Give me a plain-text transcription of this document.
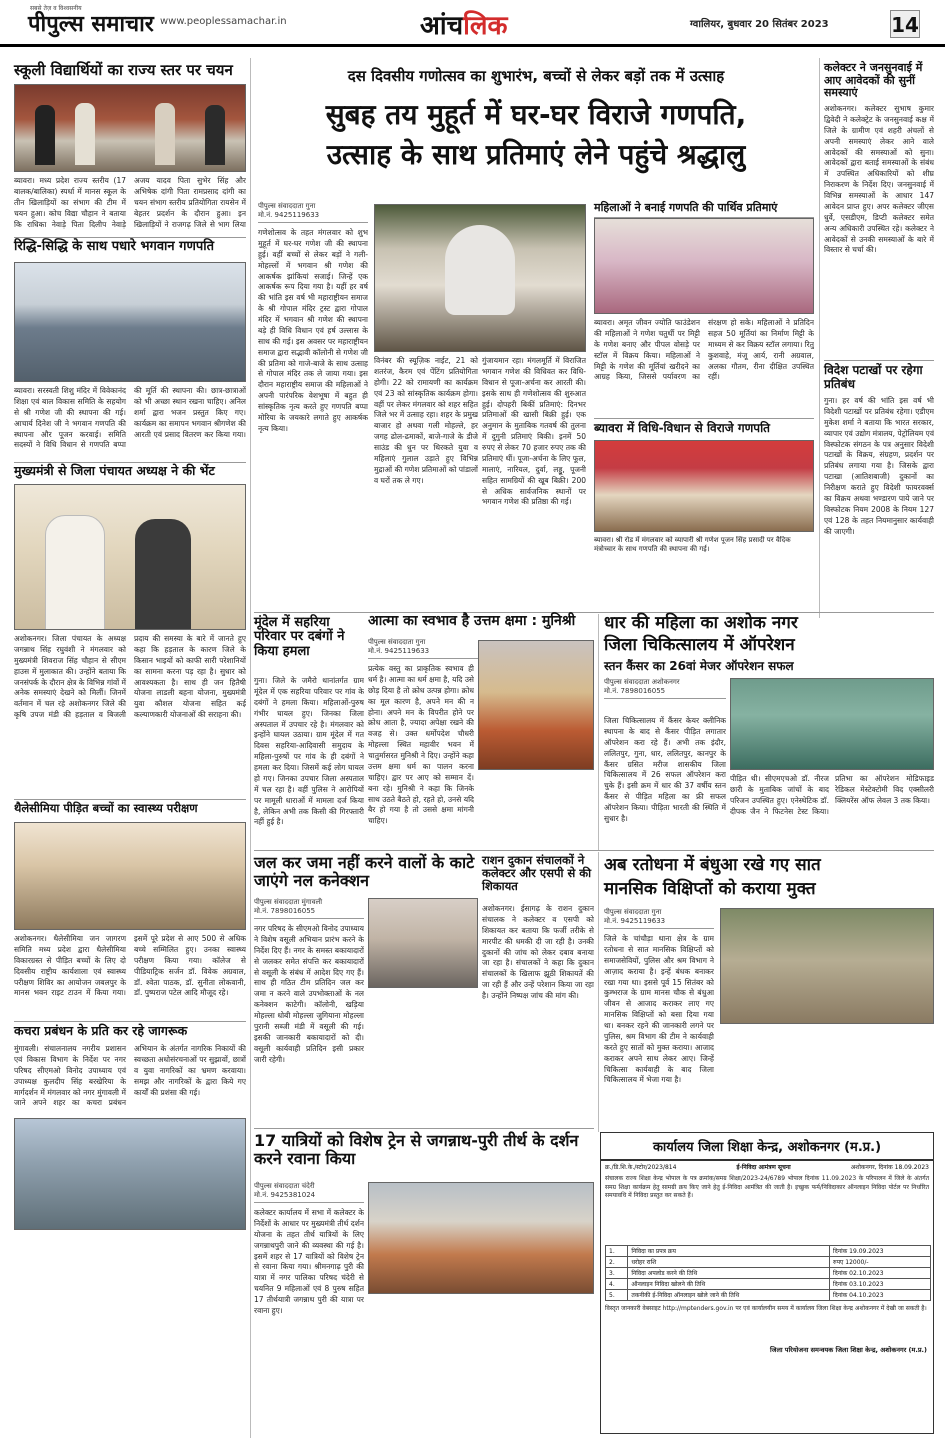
सबसे तेज़ व विश्वसनीय
पीपुल्स समाचार www.peoplessamachar.in	आंचलिक	ग्वालियर, बुधवार 20 सितंबर 2023	14
स्कूली विद्यार्थियों का राज्य स्तर पर चयन
ब्यावरा। मध्य प्रदेश राज्य स्तरीय (17 बालक/बालिका) स्पर्धा में मानस स्कूल के तीन खिलाड़ियों का संभाग की टीम में चयन हुआ। कोच विद्या चौहान ने बताया कि राधिका नेवाड़े पिता दिलीप नेवाड़े अजय यादव पिता सुभेर सिंह और अभिषेक दांगी पिता रामप्रसाद दांगी का चयन संभाग स्तरीय प्रतियोगिता रायसेन में बेहतर प्रदर्शन के दौरान हुआ। इन खिलाड़ियों ने राजगढ़ जिले से भाग लिया
रिद्धि-सिद्धि के साथ पधारे भगवान गणपति
ब्यावरा। सरस्वती शिशु मंदिर में विवेकानंद शिक्षा एवं बाल विकास समिति के सहयोग से श्री गणेश जी की स्थापना की गई। आचार्य दिनेश जी ने भगवान गणपति की स्थापना और पूजन करवाई। समिति सदस्यों ने विधि विधान से गणपति बप्पा की मूर्ति की स्थापना की। छात्र-छात्राओं को भी अच्छा स्थान रखना चाहिए। अनिल शर्मा द्वारा भजन प्रस्तुत किए गए। कार्यक्रम का समापन भगवान श्रीगणेश की आरती एवं प्रसाद वितरण कर किया गया।
मुख्यमंत्री से जिला पंचायत अध्यक्ष ने की भेंट
अशोकनगर। जिला पंचायत के अध्यक्ष जगन्नाथ सिंह रघुवंशी ने मंगलवार को मुख्यमंत्री शिवराज सिंह चौहान से सीएम हाउस में मुलाकात की। उन्होंने बताया कि जनसंपर्क के दौरान क्षेत्र के विभिन्न गांवों में अनेक समस्याएं देखने को मिलीं। जिनमें वर्तमान में चल रहे अशोकनगर जिले की कृषि उपज मंडी की हड़ताल व बिजली प्रदाय की समस्या के बारे में जानते हुए कहा कि हड़ताल के कारण जिले के किसान भाइयों को काफी सारी परेशानियों का सामना करना पड़ रहा है। सुधार को आवश्यकता है। साथ ही जन हितैषी योजना लाडली बहना योजना, मुख्यमंत्री युवा कौशल योजना सहित कई कल्याणकारी योजनाओं की सराहना की।
थैलेसीमिया पीड़ित बच्चों का स्वास्थ्य परीक्षण
अशोकनगर। थैलेसीमिया जन जागरण समिति मध्य प्रदेश द्वारा थैलेसीमिया विकारग्रस्त से पीड़ित बच्चों के लिए दो दिवसीय राष्ट्रीय कार्यशाला एवं स्वास्थ्य परीक्षण शिविर का आयोजन जबलपुर के मानस भवन राइट टाउन में किया गया। इसमें पूरे प्रदेश से आए 500 से अधिक बच्चे सम्मिलित हुए। उनका स्वास्थ्य परीक्षण किया गया। कॉलेज से पीडियाट्रिक सर्जन डॉ. विवेक अग्रवाल, डॉ. श्वेता पाठक, डॉ. सुनीता लोकवानी, डॉ. पुष्पराज पटेल आदि मौजूद रहे।
कचरा प्रबंधन के प्रति कर रहे जागरूक
मुंगावली। संचालनालय नगरीय प्रशासन एवं विकास विभाग के निर्देश पर नगर परिषद सीएमओ विनोद उपाध्याय एवं उपाध्यक्ष कुलदीप सिंह बरखेरिया के मार्गदर्शन में मंगलवार को नगर मुंगावली में जाने अपने शहर का कचरा प्रबंधन अभियान के अंतर्गत नागरिक निकायों की स्वच्छता अधोसंरचनाओं पर सुझावों, छात्रों व युवा नागरिकों का भ्रमण करवाया। समझ और नागरिकों के द्वारा किये गए कार्यों की प्रशंसा की गई।
दस दिवसीय गणोत्सव का शुभारंभ, बच्चों से लेकर बड़ों तक में उत्साह
सुबह तय मुहूर्त में घर-घर विराजे गणपति,
उत्साह के साथ प्रतिमाएं लेने पहुंचे श्रद्धालु
पीपुल्स संवाददाता गुना
मो.नं. 9425119633
गणेशोत्सव के तहत मंगलवार को शुभ मुहूर्त में घर-घर गणेश जी की स्थापना हुई। वहीं बच्चों से लेकर बड़ों ने गली-मोहल्लों में भगवान श्री गणेश की आकर्षक झांकियां सजाई। जिन्हें एक आकर्षक रूप दिया गया है। यहीं हर वर्ष की भांति इस वर्ष भी महाराष्ट्रीयन समाज के श्री गोपाल मंदिर ट्रस्ट द्वारा गोपाल मंदिर में भगवान श्री गणेश की स्थापना बड़े ही विधि विधान एवं हर्ष उल्लास के साथ की गई। इस अवसर पर महाराष्ट्रीयन समाज द्वारा सद्भावी कॉलोनी से गणेश जी की प्रतिमा को गाजे-बाजे के साथ उत्साह से गोपाल मंदिर तक ले जाया गया। इस दौरान महाराष्ट्रीय समाज की महिलाओं ने अपनी पारंपरिक वेशभूषा में बहुत ही सांस्कृतिक नृत्य करते हुए गणपति बप्पा मोरिया के जयकारे लगाते हुए आकर्षक नृत्य किया।
विनंबर की स्यूज़िक नाईट, 21 को शतरंज, कैरम एवं पेंटिंग प्रतियोगिता होगी। 22 को रामायणी का कार्यक्रम एवं 23 को सांस्कृतिक कार्यक्रम होगा। वहीं पर लेकर मंगलवार को शहर सहित जिले भर में उत्साह रहा। शहर के प्रमुख बाजार हो अथवा गली मोहल्ले, हर जगह ढोल-ढमाकों, बाजे-गाजे के डीजे साउंड की धुन पर थिरकते युवा व महिलाएं गुलाल उड़ाते हुए विभिन्न मुद्राओं की गणेश प्रतिमाओं को पांडालों व घरों तक ले गए।
गुंजायमान रहा। मंगलमूर्ति में विराजित भगवान गणेश की विधिवत कर विधि-विधान से पूजा-अर्चना कर आरती की। इसके साथ ही गणेशोत्सव की शुरुआत हुई। दोपहरी बिकीं प्रतिमाएं: दिनभर प्रतिमाओं की खासी बिक्री हुई। एक अनुमान के मुताबिक गतवर्ष की तुलना में दुगुनी प्रतिमाएं बिकी। इनमें 50 रुपए से लेकर 70 हजार रुपए तक की प्रतिमाएं थीं। पूजा-अर्चना के लिए फूल, मालाएं, नारियल, दुर्वा, लड्डू, पूजनी सहित सामग्रियों की खूब बिक्री। 200 से अधिक सार्वजनिक स्थानों पर भगवान गणेश की प्रतिष्ठा की गई।
महिलाओं ने बनाई गणपति की पार्थिव प्रतिमाएं
ब्यावरा। अमृत जीवन ज्योति फाउंडेशन की महिलाओं ने गणेश चतुर्थी पर मिट्टी के गणेश बनाए और पीपल वोसड़े पर स्टॉल में विक्रय किया। महिलाओं ने मिट्टी के गणेश की मूर्तियां खरीदने का आग्रह किया, जिससे पर्यावरण का संरक्षण हो सके। महिलाओं ने प्रतिदिन सहज 50 मूर्तियां का निर्माण मिट्टी के माध्यम से कर विक्रय स्टॉल लगाया। रितु कुशवाहे, मंजू आर्य, रानी अग्रवाल, अलका गौतम, रीना दीक्षित उपस्थित रहीं।
ब्यावरा में विधि-विधान से विराजे गणपति
ब्यावरा। श्री रोड में मंगलवार को व्यापारी श्री गणेश पूजन सिंह प्रसादी पर वैदिक मंत्रोच्चार के साथ गणपति की स्थापना की गई।
कलेक्टर ने जनसुनवाई में आए आवेदकों की सुनीं समस्याएं
अशोकनगर। कलेक्टर सुभाष कुमार द्विवेदी ने कलेक्ट्रेट के जनसुनवाई कक्ष में जिले के ग्रामीण एवं शहरी अंचलों से अपनी समस्याएं लेकर आने वाले आवेदकों की समस्याओं को सुना। आवेदकों द्वारा बताई समस्याओं के संबंध में उपस्थित अधिकारियों को शीघ्र निराकरण के निर्देश दिए। जनसुनवाई में विभिन्न समस्याओं के आधार 147 आवेदन प्राप्त हुए। अपर कलेक्टर जीएस धुर्वे, एसडीएम, डिप्टी कलेक्टर समेत अन्य अधिकारी उपस्थित रहे। कलेक्टर ने आवेदकों से उनकी समस्याओं के बारे में विस्तार से चर्चा की।
विदेश पटाखों पर रहेगा प्रतिबंध
गुना। हर वर्ष की भांति इस वर्ष भी विदेशी पटाखों पर प्रतिबंध रहेगा। एडीएम मुकेश शर्मा ने बताया कि भारत सरकार, व्यापार एवं उद्योग मंत्रालय, पेट्रोलियम एवं विस्फोटक संगठन के पत्र अनुसार विदेशी पटाखों के विक्रय, संग्रहण, प्रदर्शन पर प्रतिबंध लगाया गया है। जिसके द्वारा पटाखा (आतिशबाजी) दुकानों का निरीक्षण कराते हुए विदेशी फायरवर्क्स का विक्रय अथवा भण्डारण पाये जाने पर विस्फोटक नियम 2008 के नियम 127 एवं 128 के तहत नियमानुसार कार्यवाही की जाएगी।
मूंदेल में सहरिया परिवार पर दबंगों ने किया हमला
गुना। जिले के जमैरो थानांतर्गत ग्राम मूंदेल में एक सहरिया परिवार पर गांव के दबंगों ने हमला किया। महिलाओं-पुरुष गंभीर घायल हुए। जिनका जिला अस्पताल में उपचार रहे है। मंगलवार को इन्होंने घायल उठाया। ग्राम मूंदेल में गत दिवस सहरिया-आदिवासी समुदाय के महिला-पुरुषों पर गांव के ही दबंगों ने हमला कर दिया। जिसमें कई लोग घायल हो गए। जिनका उपचार जिला अस्पताल में चल रहा है। वहीं पुलिस ने आरोपियों पर मामूली धाराओं में मामला दर्ज किया है, लेकिन अभी तक किसी की गिरफ्तारी नहीं हुई है।
आत्मा का स्वभाव है उत्तम क्षमा : मुनिश्री
पीपुल्स संवाददाता गुना
मो.नं. 9425119633
प्रत्येक वस्तु का प्राकृतिक स्वभाव ही धर्म है। आत्मा का धर्म क्षमा है, यदि उसे छोड़ दिया है तो क्रोध उत्पन्न होगा। क्रोध का मूल कारण है, अपने मन की न होना। अपने मन के विपरीत होने पर क्रोध आता है, ज्यादा अपेक्षा रखने की वजह से। उक्त धर्मोपदेश चौधरी मोहल्ला स्थित महावीर भवन में चातुर्मासरत मुनिश्री ने दिए। उन्होंने कहा उत्तम क्षमा धर्म का पालन करना चाहिए। द्वार पर आए को सम्मान दें। बना रहे। मुनिश्री ने कहा कि जिनके साथ उठते बैठते हो, रहते हो, उनसे यदि बैर हो गया है तो उससे क्षमा मांगनी चाहिए।
धार की महिला का अशोक नगर
जिला चिकित्सालय में ऑपरेशन
स्तन कैंसर का 26वां मेजर ऑपरेशन सफल
पीपुल्स संवाददाता अशोकनगर
मो.नं. 7898016055
जिला चिकित्सालय में कैंसर केयर क्लीनिक स्थापना के बाद से कैंसर पीड़ित लगातार ऑपरेशन करा रहे हैं। अभी तक इंदौर, ललितपुर, गुना, धार, ललितपुर, कानपुर के कैंसर ग्रसित मरीज शासकीय जिला चिकित्सालय में 26 सफल ऑपरेशन करा चुके हैं। इसी क्रम में धार की 37 वर्षीय स्तन कैंसर से पीड़ित महिला का फ्री सफल ऑपरेशन किया। पीड़िता भारती की स्थिति में सुधार है।
पीड़ित थी। सीएमएचओ डॉ. नीरज छारी के मुताबिक जांचों के बाद परिजन उपस्थित हुए। एनेस्थेटिक डॉ. दीपक जैन ने फिटनेस टेस्ट किया। प्रतिभा का ऑपरेशन मोडिफाइड रेडिकल मेस्टेक्टोमी विद एक्सीलरी क्लियरेंस ऑफ लेवल 3 तक किया।
जल कर जमा नहीं करने वालों के काटे जाएंगे नल कनेक्शन
पीपुल्स संवाददाता मुंगावली
मो.नं. 7898016055
नगर परिषद के सीएमओ विनोद उपाध्याय ने विशेष वसूली अभियान प्रारंभ करने के निर्देश दिए हैं। नगर के समस्त बकायादारों से जलकर समेत संपत्ति कर बकायादारों से वसूली के संबंध में आदेश दिए गए हैं। साथ ही गठित टीम प्रतिदिन जल कर जमा न करने वाले उपभोक्ताओं के नल कनेक्शन काटेगी। कॉलोनी, खड़िया मोहल्ला धोबी मोहल्ला जुगियाना मोहल्ला पुरानी सब्जी मंडी में वसूली की गई। इसकी जानकारी बकायादारों को दी। वसूली कार्यवाही प्रतिदिन इसी प्रकार जारी रहेगी।
राशन दुकान संचालकों ने कलेक्टर और एसपी से की शिकायत
अशोकनगर। ईसागढ़ के राशन दुकान संचालक ने कलेक्टर व एसपी को शिकायत कर बताया कि फर्जी तरीके से मारपीट की धमकी दी जा रही है। उनकी दुकानों की जांच को लेकर दबाव बनाया जा रहा है। संचालकों ने कहा कि दुकान संचालकों के खिलाफ झूठी शिकायतें की जा रही हैं और उन्हें परेशान किया जा रहा है। उन्होंने निष्पक्ष जांच की मांग की।
अब रतोधना में बंधुआ रखे गए सात
मानसिक विक्षिप्तों को कराया मुक्त
पीपुल्स संवाददाता गुना
मो.नं. 9425119633
जिले के चांचौड़ा थाना क्षेत्र के ग्राम रतोधना से सात मानसिक विक्षिप्तों को समाजसेवियों, पुलिस और श्रम विभाग ने आज़ाद कराया है। इन्हें बंधक बनाकर रखा गया था। इससे पूर्व 15 सितंबर को कुम्भराज के ग्राम मानस चौक से बंधुआ जीवन से आजाद कराकर लाए गए मानसिक विक्षिप्तों को बसा दिया गया था। बनकर रहने की जानकारी लगने पर पुलिस, श्रम विभाग की टीम ने कार्यवाही करते हुए सातों को मुक्त कराया। आजाद कराकर अपने साथ लेकर आए। जिन्हें चिकित्सा कार्यवाही के बाद जिला चिकित्सालय में भेजा गया है।
17 यात्रियों को विशेष ट्रेन से जगन्नाथ-पुरी तीर्थ के दर्शन करने रवाना किया
पीपुल्स संवाददाता चंदेरी
मो.नं. 9425381024
कलेक्टर कार्यालय में सभा में कलेक्टर के निर्देशों के आधार पर मुख्यमंत्री तीर्थ दर्शन योजना के तहत तीर्थ यात्रियों के लिए जगन्नाथपुरी जाने की व्यवस्था की गई है। इसमें शहर से 17 यात्रियों को विशेष ट्रेन से रवाना किया गया। श्रीमनगाढ़ पुरी की यात्रा में नगर पालिका परिषद चंदेरी से चयनित 9 महिलाओं एवं 8 पुरुष सहित 17 तीर्थयात्री जगन्नाथ पुरी की यात्रा पर रवाना हुए।
कार्यालय जिला शिक्षा केन्द्र, अशोकनगर (म.प्र.)
क्र./डि.शि.के./स्टोर/2023/814	ई-निविदा आमंत्रण सूचना	अशोकनगर, दिनांक 18.09.2023
संचालक राज्य शिक्षा केन्द्र भोपाल के पत्र क्रमांक/समग्र शिक्षा/2023-24/6789 भोपाल दिनांक 11.09.2023 के परिपालन में जिले के अंतर्गत समग्र शिक्षा कार्यक्रम हेतु सामग्री क्रय किए जाने हेतु ई-निविदा आमंत्रित की जाती है। इच्छुक फर्म/निविदाकार ऑनलाइन निविदा पोर्टल पर निर्धारित समयावधि में निविदा प्रस्तुत कर सकते हैं।
1.	निविदा का प्रपत्र क्रय	दिनांक 19.09.2023
2.	धरोहर राशि	रुपए 12000/-
3.	निविदा अपलोड करने की तिथि	दिनांक 02.10.2023
4.	ऑनलाइन निविदा खोलने की तिथि	दिनांक 03.10.2023
5.	तकनीकी ई-निविदा ऑनलाइन खोले जाने की तिथि	दिनांक 04.10.2023
विस्तृत जानकारी वेबसाइट http://mptenders.gov.in पर एवं कार्यालयीन समय में कार्यालय जिला शिक्षा केन्द्र अशोकनगर में देखी जा सकती है।
जिला परियोजना समन्वयक जिला शिक्षा केन्द्र, अशोकनगर (म.प्र.)
